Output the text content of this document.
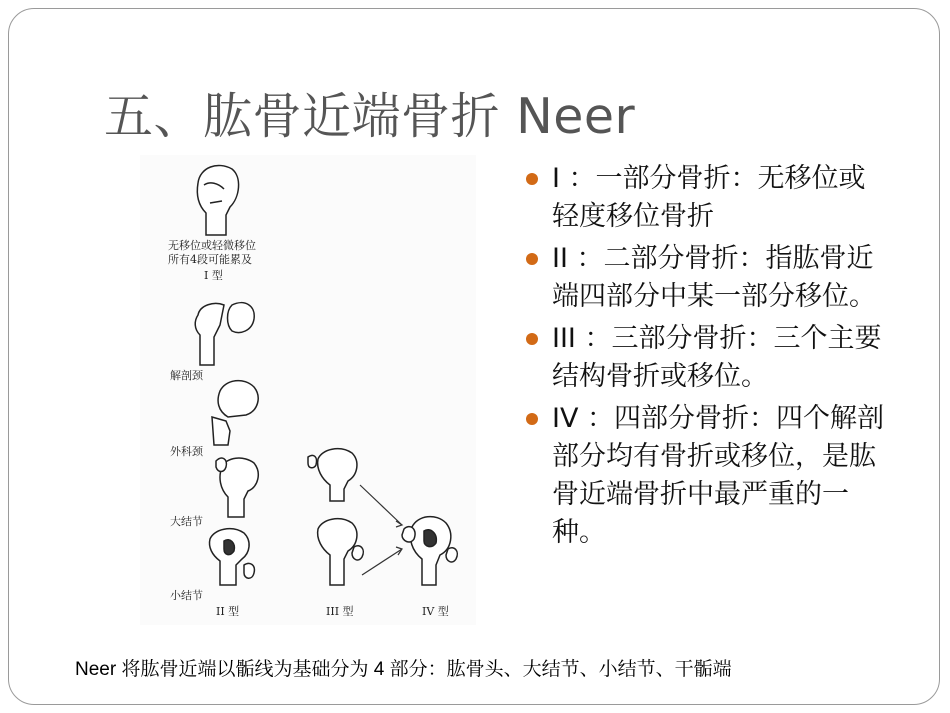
五、肱骨近端骨折 Neer
无移位或轻微移位
所有4段可能累及
I 型
解剖颈
外科颈
大结节
小结节
II 型	III 型	IV 型
I ：一部分骨折：无移位或轻度移位骨折
II ：二部分骨折：指肱骨近端四部分中某一部分移位。
III ：三部分骨折：三个主要结构骨折或移位。
IV ：四部分骨折：四个解剖部分均有骨折或移位，是肱骨近端骨折中最严重的一种。
Neer 将肱骨近端以骺线为基础分为 4 部分：肱骨头、大结节、小结节、干骺端
